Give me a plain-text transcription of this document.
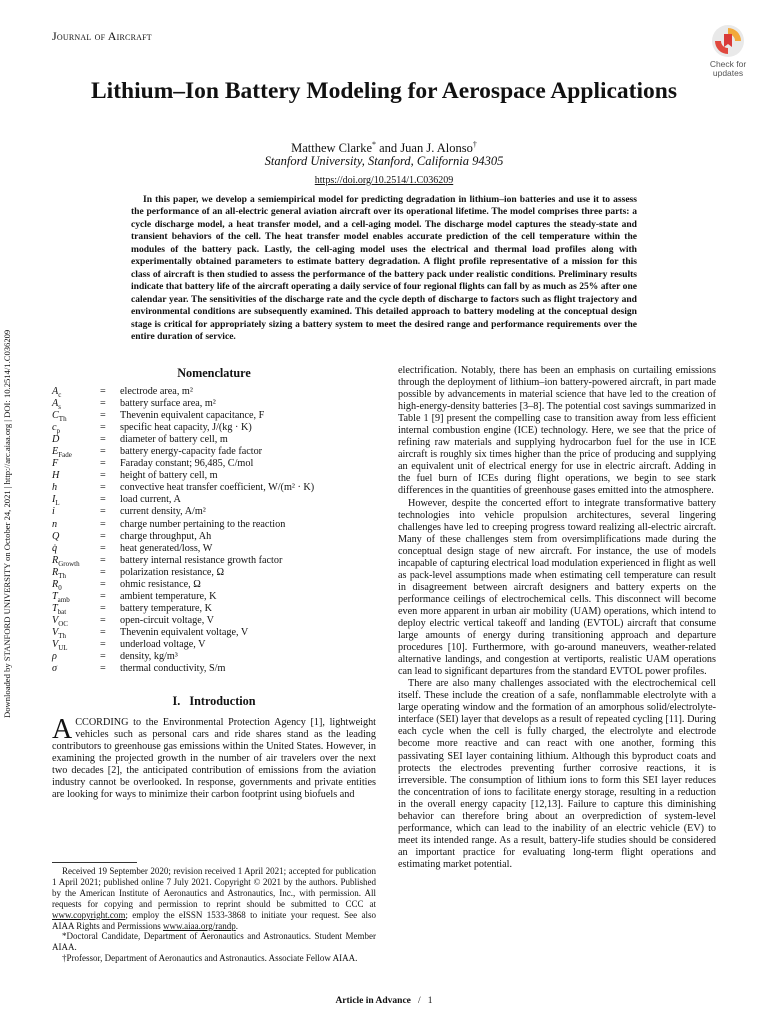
Journal of Aircraft
Check for
updates
Lithium–Ion Battery Modeling for Aerospace Applications
Matthew Clarke* and Juan J. Alonso†
Stanford University, Stanford, California 94305
https://doi.org/10.2514/1.C036209
In this paper, we develop a semiempirical model for predicting degradation in lithium–ion batteries and use it to assess the performance of an all-electric general aviation aircraft over its operational lifetime. The model comprises three parts: a cycle discharge model, a heat transfer model, and a cell-aging model. The discharge model captures the steady-state and transient behaviors of the cell. The heat transfer model enables accurate prediction of the cell temperature within the modules of the battery pack. Lastly, the cell-aging model uses the electrical and thermal load profiles along with experimentally obtained parameters to estimate battery degradation. A flight profile representative of a mission for this class of aircraft is then studied to assess the performance of the battery pack under realistic conditions. Preliminary results indicate that battery life of the aircraft operating a daily service of four regional flights can fall by as much as 25% after one calendar year. The sensitivities of the discharge rate and the cycle depth of discharge to factors such as flight trajectory and environmental conditions are subsequently examined. This detailed approach to battery modeling at the conceptual design stage is critical for appropriately sizing a battery system to meet the desired range and performance requirements over the entire duration of service.
Downloaded by STANFORD UNIVERSITY on October 24, 2021 | http://arc.aiaa.org | DOI: 10.2514/1.C036209	Nomenclature
$A_c$	=	electrode area, m²
$A_s$	=	battery surface area, m²
$C_{Th}$	=	Thevenin equivalent capacitance, F
$c_p$	=	specific heat capacity, J/(kg · K)
D	=	diameter of battery cell, m
$E_{Fade}$	=	battery energy-capacity fade factor
F	=	Faraday constant; 96,485, C/mol
H	=	height of battery cell, m
h	=	convective heat transfer coefficient, W/(m² · K)
$I_L$	=	load current, A
i	=	current density, A/m²
n	=	charge number pertaining to the reaction
Q	=	charge throughput, Ah
q̇	=	heat generated/loss, W
$R_{Growth}$	=	battery internal resistance growth factor
$R_{Th}$	=	polarization resistance, Ω
$R_0$	=	ohmic resistance, Ω
$T_{amb}$	=	ambient temperature, K
$T_{bat}$	=	battery temperature, K
$V_{OC}$	=	open-circuit voltage, V
$V_{Th}$	=	Thevenin equivalent voltage, V
$V_{UL}$	=	underload voltage, V
ρ	=	density, kg/m³
σ	=	thermal conductivity, S/m
I.   Introduction
ACCORDING to the Environmental Protection Agency [1], lightweight vehicles such as personal cars and ride shares stand as the leading contributors to greenhouse gas emissions within the United States. However, in examining the projected growth in the number of air travelers over the next two decades [2], the anticipated contribution of emissions from the aviation industry cannot be overlooked. In response, governments and private entities are looking for ways to minimize their carbon footprint using biofuels and

Received 19 September 2020; revision received 1 April 2021; accepted for publication 1 April 2021; published online 7 July 2021. Copyright © 2021 by the authors. Published by the American Institute of Aeronautics and Astronautics, Inc., with permission. All requests for copying and permission to reprint should be submitted to CCC at www.copyright.com; employ the eISSN 1533-3868 to initiate your request. See also AIAA Rights and Permissions www.aiaa.org/randp.

*Doctoral Candidate, Department of Aeronautics and Astronautics. Student Member AIAA.

†Professor, Department of Aeronautics and Astronautics. Associate Fellow AIAA.

electrification. Notably, there has been an emphasis on curtailing emissions through the deployment of lithium–ion battery-powered aircraft, in part made possible by advancements in material science that have led to the creation of high-energy-density batteries [3–8]. The potential cost savings summarized in Table 1 [9] present the compelling case to transition away from less efficient internal combustion engine (ICE) technology. Here, we see that the price of refining raw materials and supplying hydrocarbon fuel for the use in ICE aircraft is roughly six times higher than the price of producing and supplying an equivalent unit of electrical energy for use in electric aircraft. Adding in the fuel burn of ICEs during flight operations, we begin to see stark differences in the quantities of greenhouse gases emitted into the atmosphere.

However, despite the concerted effort to integrate transformative battery technologies into vehicle propulsion architectures, several lingering challenges have led to creeping progress toward realizing all-electric aircraft. Many of these challenges stem from oversimplifications made during the conceptual design stage of new aircraft. For instance, the use of models incapable of capturing electrical load modulation experienced in flight as well as pack-level assumptions made when estimating cell temperature can result in disagreement between aircraft designers and battery experts on the performance ceilings of electrochemical cells. This disconnect will become even more apparent in urban air mobility (UAM) operations, which intend to deploy electric vertical takeoff and landing (EVTOL) aircraft that consume large amounts of energy during transitioning approach and departure procedures [10]. Furthermore, with go-around maneuvers, weather-related alternative landings, and congestion at vertiports, realistic UAM operations can lead to significant departures from the standard EVTOL power profiles.

There are also many challenges associated with the electrochemical cell itself. These include the creation of a safe, nonflammable electrolyte with a large operating window and the formation of an amorphous solid/electrolyte-interface (SEI) layer that develops as a result of repeated cycling [11]. During each cycle when the cell is fully charged, the electrolyte and electrode become more reactive and can react with one another, forming this passivating SEI layer containing lithium. Although this byproduct coats and protects the electrodes preventing further corrosive reactions, it is irreversible. The consumption of lithium ions to form this SEI layer reduces the concentration of ions to facilitate energy storage, resulting in a reduction in the overall energy capacity [12,13]. Failure to capture this diminishing behavior can therefore bring about an overprediction of system-level performance, which can lead to the inability of an electric vehicle (EV) to meet its intended range. As a result, battery-life studies should be considered an important practice for evaluating long-term flight operations and estimating market potential.

Article in Advance / 1
